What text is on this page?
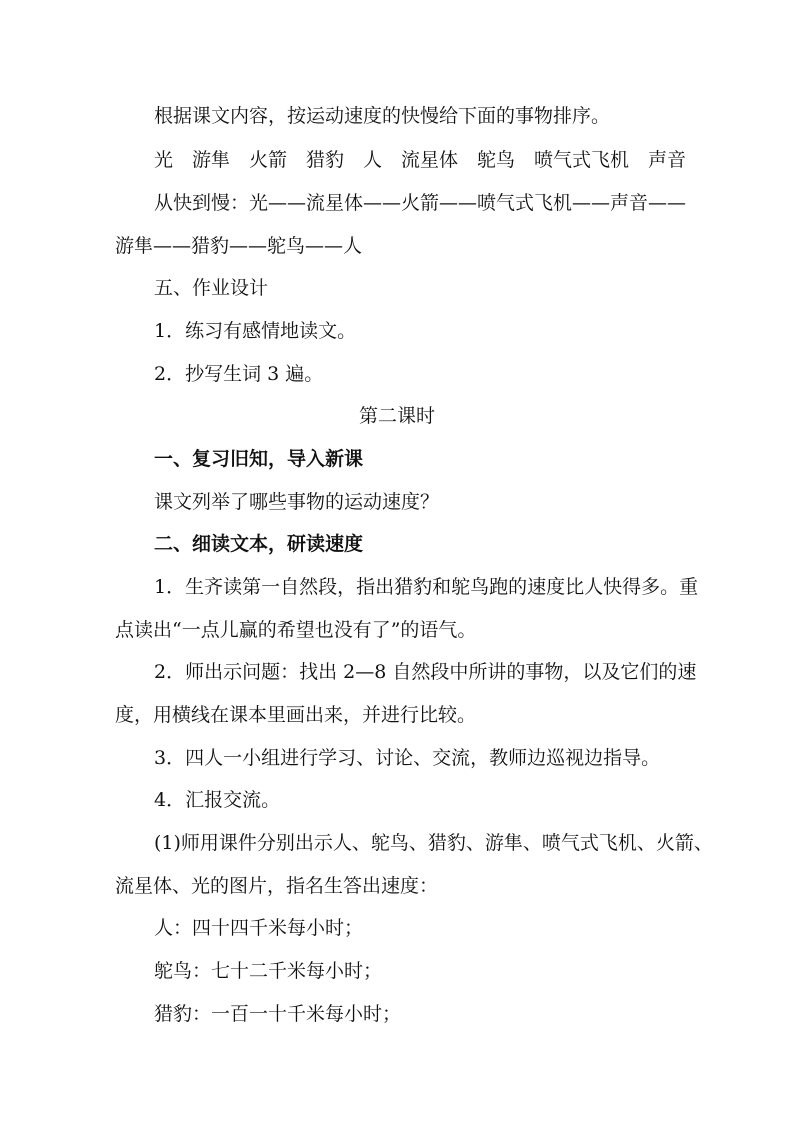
根据课文内容，按运动速度的快慢给下面的事物排序。
光　游隼　火箭　猎豹　人　流星体　鸵鸟　喷气式飞机　声音
从快到慢：光——流星体——火箭——喷气式飞机——声音——
游隼——猎豹——鸵鸟——人
五、作业设计
1．练习有感情地读文。
2．抄写生词 3 遍。
第二课时
一、复习旧知，导入新课
课文列举了哪些事物的运动速度？
二、细读文本，研读速度
1．生齐读第一自然段，指出猎豹和鸵鸟跑的速度比人快得多。重
点读出“一点儿赢的希望也没有了”的语气。
2．师出示问题：找出 2—8 自然段中所讲的事物，以及它们的速
度，用横线在课本里画出来，并进行比较。
3．四人一小组进行学习、讨论、交流，教师边巡视边指导。
4．汇报交流。
(1)师用课件分别出示人、鸵鸟、猎豹、游隼、喷气式飞机、火箭、
流星体、光的图片，指名生答出速度：
人：四十四千米每小时；
鸵鸟：七十二千米每小时；
猎豹：一百一十千米每小时；
